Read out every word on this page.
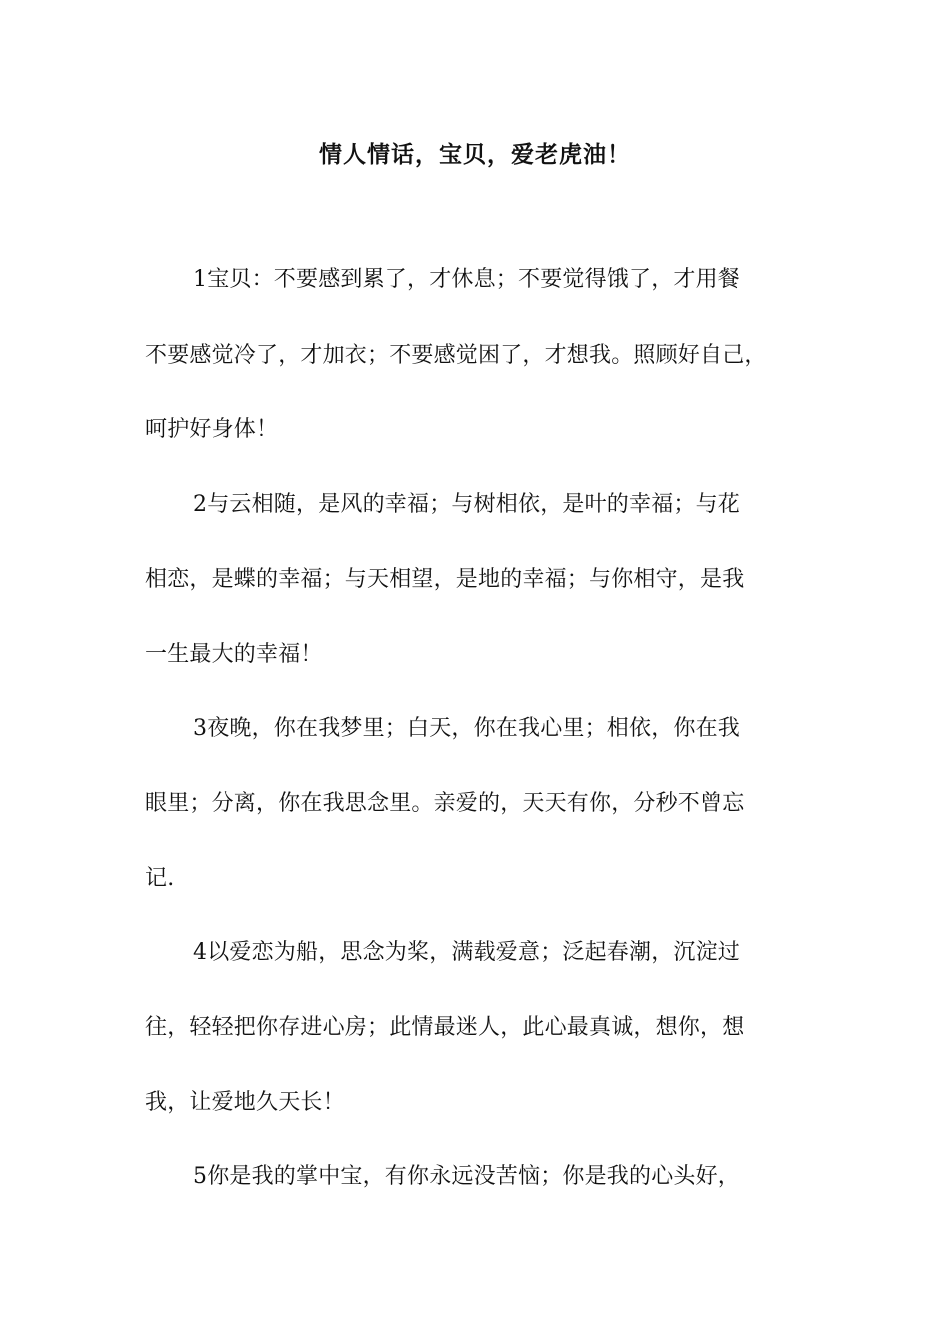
情人情话，宝贝，爱老虎油！
1宝贝：不要感到累了，才休息；不要觉得饿了，才用餐
不要感觉冷了，才加衣；不要感觉困了，才想我。照顾好自己，
呵护好身体！
2与云相随，是风的幸福；与树相依，是叶的幸福；与花
相恋，是蝶的幸福；与天相望，是地的幸福；与你相守，是我
一生最大的幸福！
3夜晚，你在我梦里；白天，你在我心里；相依，你在我
眼里；分离，你在我思念里。亲爱的，天天有你，分秒不曾忘
记.
4以爱恋为船，思念为桨，满载爱意；泛起春潮，沉淀过
往，轻轻把你存进心房；此情最迷人，此心最真诚，想你，想
我，让爱地久天长！
5你是我的掌中宝，有你永远没苦恼；你是我的心头好，
